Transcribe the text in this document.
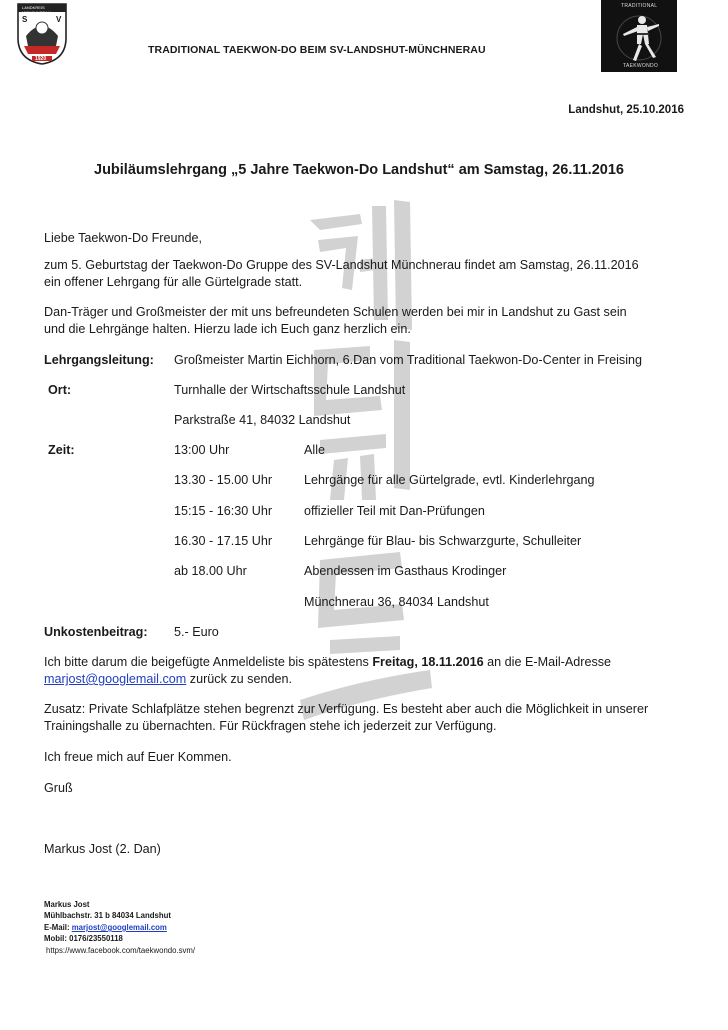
LANDKREIS MÜNCHNERAU
S	V
1920
TRADITIONAL TAEKWON-DO BEIM SV-LANDSHUT-MÜNCHNERAU
TRADITIONAL
TAEKWONDO
Landshut, 25.10.2016
Jubiläumslehrgang „5 Jahre Taekwon-Do Landshut“ am Samstag, 26.11.2016
Liebe Taekwon-Do Freunde,
zum 5. Geburtstag der Taekwon-Do Gruppe des SV-Landshut Münchnerau findet am Samstag, 26.11.2016
ein offener Lehrgang für alle Gürtelgrade statt.
Dan-Träger und Großmeister der mit uns befreundeten Schulen werden bei mir in Landshut zu Gast sein
und die Lehrgänge halten. Hierzu lade ich Euch ganz herzlich ein.
Lehrgangsleitung: Großmeister Martin Eichhorn, 6.Dan vom Traditional Taekwon-Do-Center in Freising
Ort:	Turnhalle der Wirtschaftsschule Landshut
Parkstraße 41, 84032 Landshut
Zeit:	13:00 Uhr	Alle
13.30 - 15.00 Uhr	Lehrgänge für alle Gürtelgrade, evtl. Kinderlehrgang
15:15 - 16:30 Uhr	offizieller Teil mit Dan-Prüfungen
16.30 - 17.15 Uhr	Lehrgänge für Blau- bis Schwarzgurte, Schulleiter
ab 18.00 Uhr	Abendessen im Gasthaus Krodinger
Münchnerau 36, 84034 Landshut
Unkostenbeitrag: 5.- Euro
Ich bitte darum die beigefügte Anmeldeliste bis spätestens Freitag, 18.11.2016 an die E-Mail-Adresse
marjost@googlemail.com zurück zu senden.
Zusatz: Private Schlafplätze stehen begrenzt zur Verfügung. Es besteht aber auch die Möglichkeit in unserer
Trainingshalle zu übernachten. Für Rückfragen stehe ich jederzeit zur Verfügung.
Ich freue mich auf Euer Kommen.
Gruß
Markus Jost (2. Dan)
Markus Jost
Mühlbachstr. 31 b 84034 Landshut
E-Mail: marjost@googlemail.com
Mobil: 0176/23550118
https://www.facebook.com/taekwondo.svm/
